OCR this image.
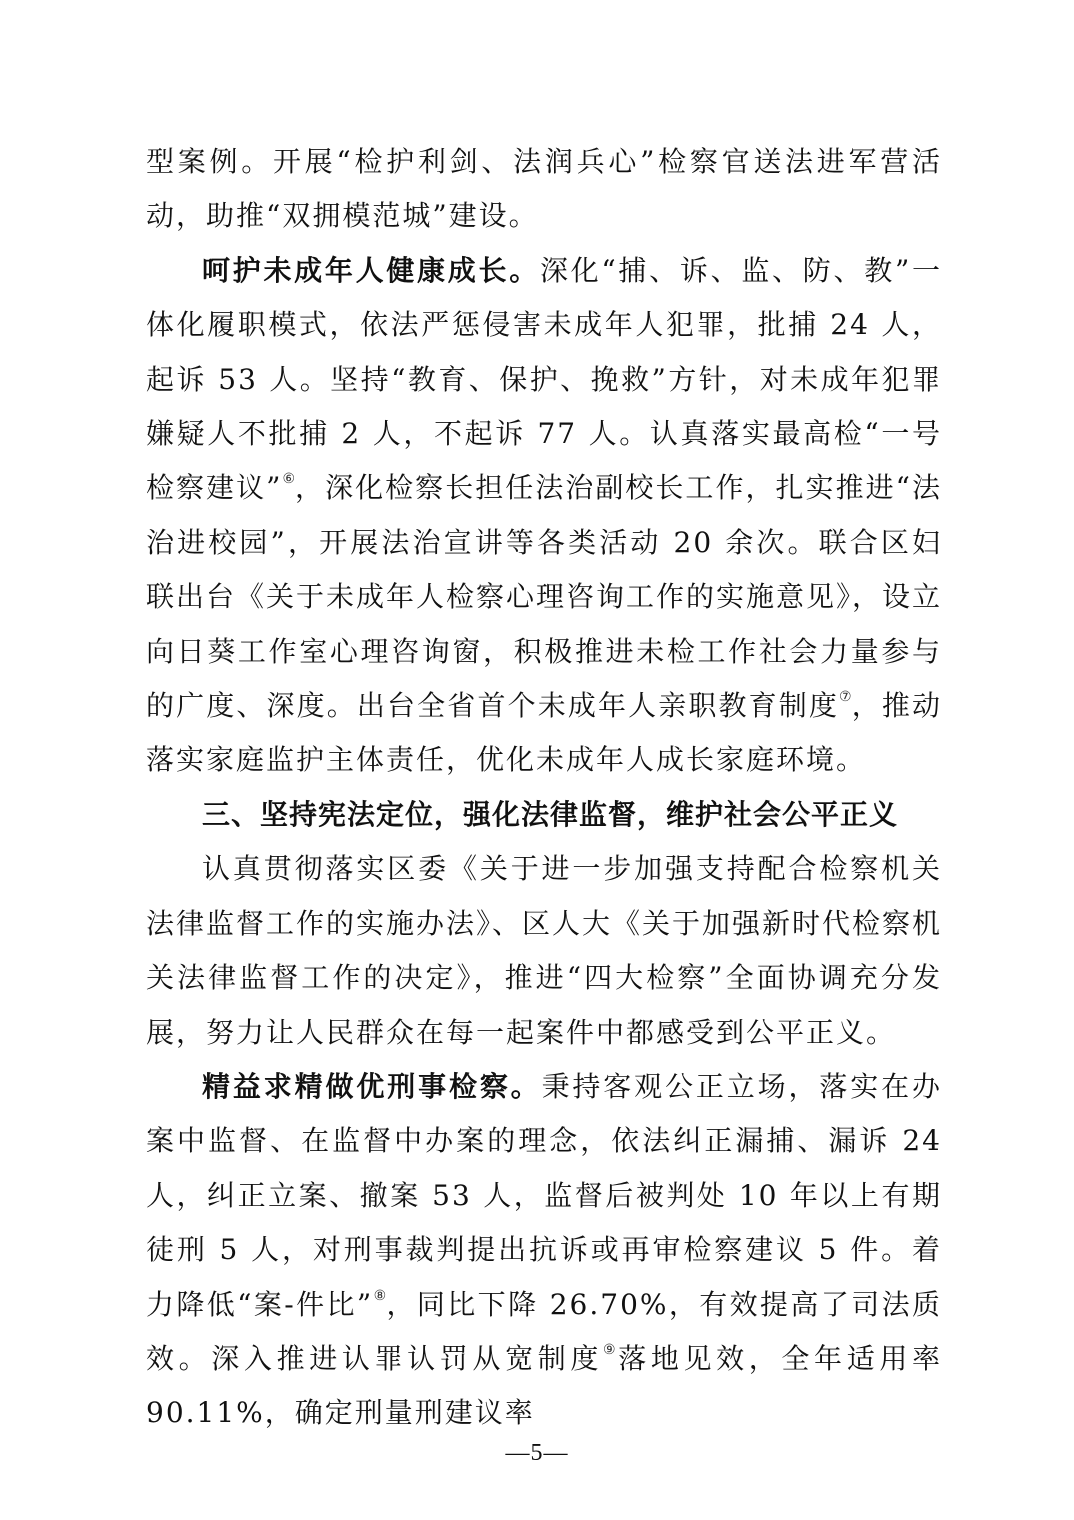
型案例。开展“检护利剑、法润兵心”检察官送法进军营活动，助推“双拥模范城”建设。

呵护未成年人健康成长。深化“捕、诉、监、防、教”一体化履职模式，依法严惩侵害未成年人犯罪，批捕 24 人，起诉 53 人。坚持“教育、保护、挽救”方针，对未成年犯罪嫌疑人不批捕 2 人，不起诉 77 人。认真落实最高检“一号检察建议”⑥，深化检察长担任法治副校长工作，扎实推进“法治进校园”，开展法治宣讲等各类活动 20 余次。联合区妇联出台《关于未成年人检察心理咨询工作的实施意见》，设立向日葵工作室心理咨询窗，积极推进未检工作社会力量参与的广度、深度。出台全省首个未成年人亲职教育制度⑦，推动落实家庭监护主体责任，优化未成年人成长家庭环境。

三、坚持宪法定位，强化法律监督，维护社会公平正义

认真贯彻落实区委《关于进一步加强支持配合检察机关法律监督工作的实施办法》、区人大《关于加强新时代检察机关法律监督工作的决定》，推进“四大检察”全面协调充分发展，努力让人民群众在每一起案件中都感受到公平正义。

精益求精做优刑事检察。秉持客观公正立场，落实在办案中监督、在监督中办案的理念，依法纠正漏捕、漏诉 24 人，纠正立案、撤案 53 人，监督后被判处 10 年以上有期徒刑 5 人，对刑事裁判提出抗诉或再审检察建议 5 件。着力降低“案-件比”⑧，同比下降 26.70%，有效提高了司法质效。深入推进认罪认罚从宽制度⑨落地见效，全年适用率 90.11%，确定刑量刑建议率

—5—
